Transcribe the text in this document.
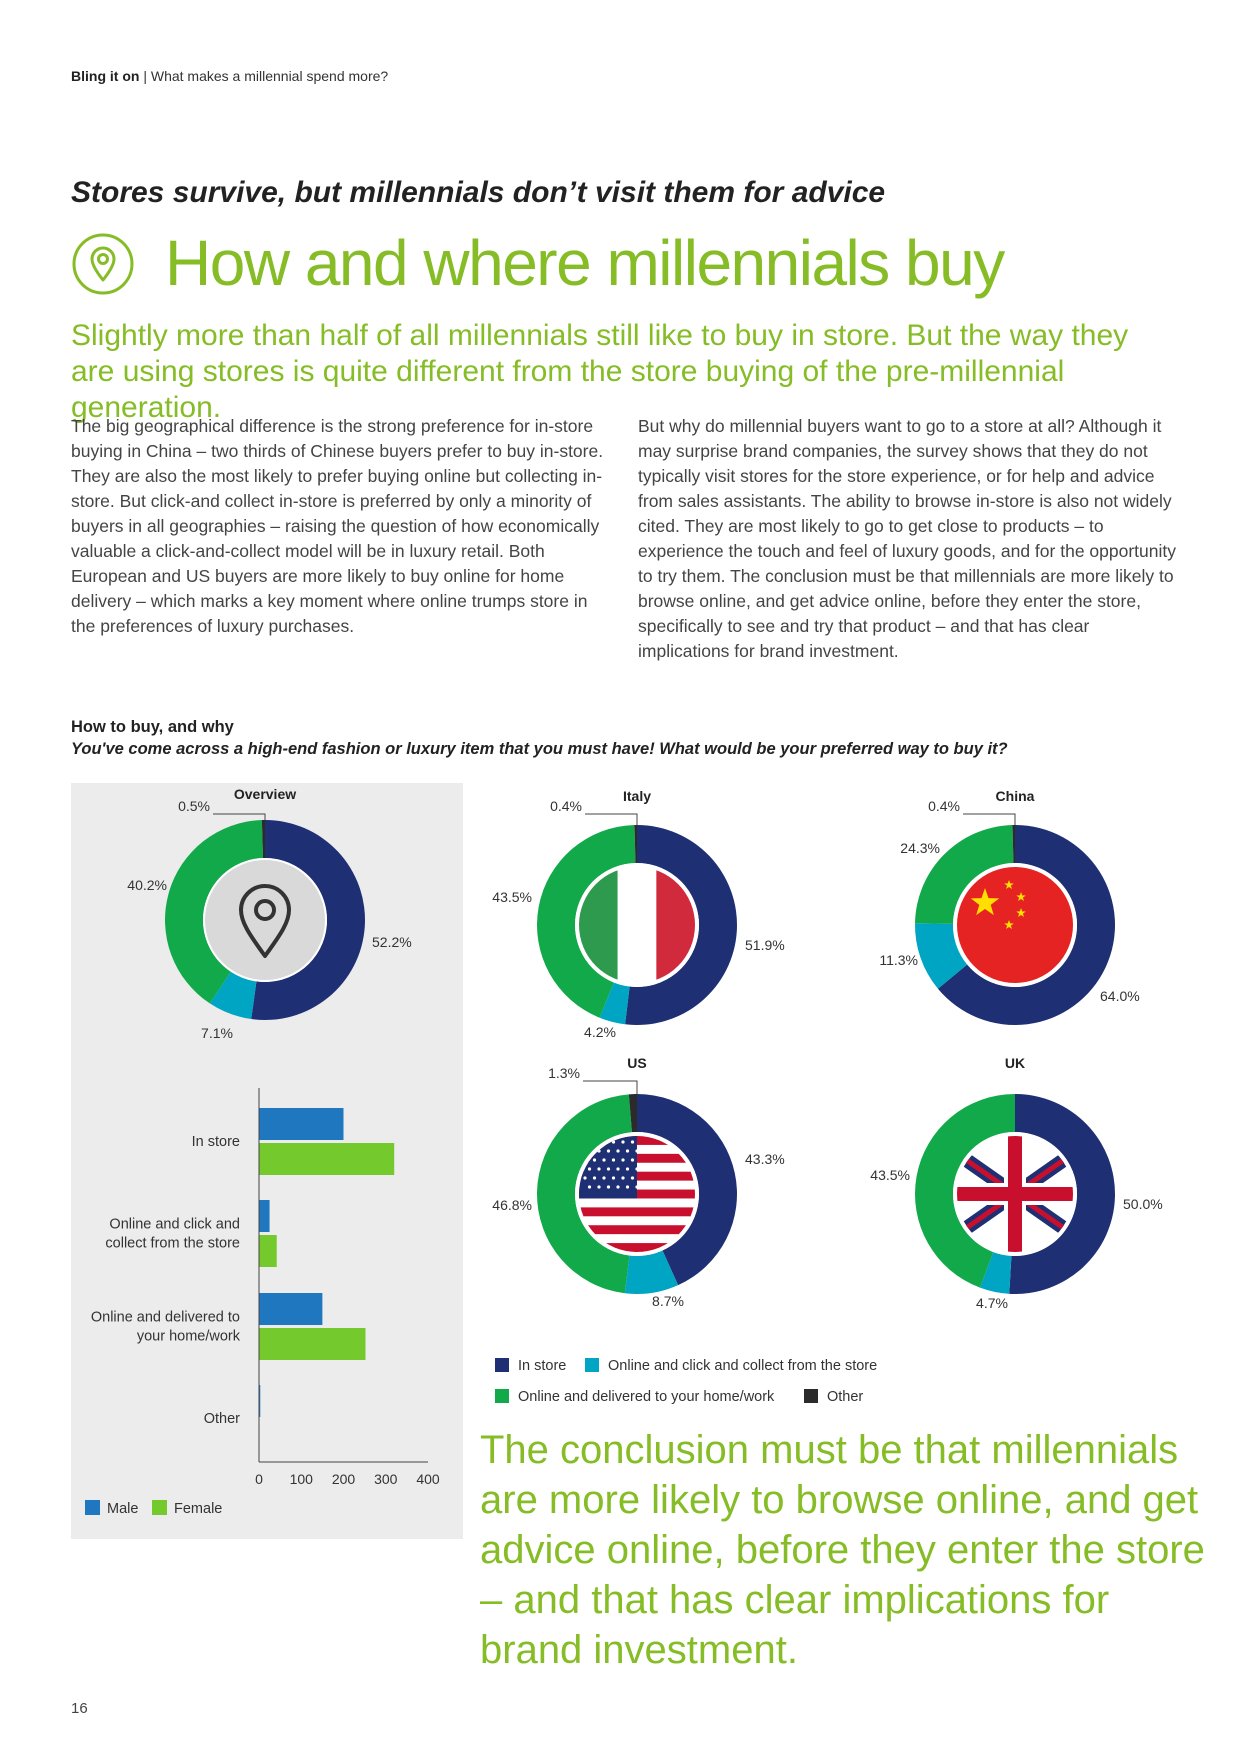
Bling it on | What makes a millennial spend more?
Stores survive, but millennials don’t visit them for advice
How and where millennials buy
Slightly more than half of all millennials still like to buy in store. But the way they are using stores is quite different from the store buying of the pre-millennial generation.
The big geographical difference is the strong preference for in-store buying in China – two thirds of Chinese buyers prefer to buy in-store. They are also the most likely to prefer buying online but collecting in-store. But click-and collect in-store is preferred by only a minority of buyers in all geographies – raising the question of how economically valuable a click-and-collect model will be in luxury retail. Both European and US buyers are more likely to buy online for home delivery – which marks a key moment where online trumps store in the preferences of luxury purchases.
But why do millennial buyers want to go to a store at all? Although it may surprise brand companies, the survey shows that they do not typically visit stores for the store experience, or for help and advice from sales assistants. The ability to browse in-store is also not widely cited. They are most likely to go to get close to products – to experience the touch and feel of luxury goods, and for the opportunity to try them. The conclusion must be that millennials are more likely to browse online, and get advice online, before they enter the store, specifically to see and try that product – and that has clear implications for brand investment.
How to buy, and why
You've come across a high-end fashion or luxury item that you must have! What would be your preferred way to buy it?
Overview
52.2%
7.1%
40.2%
0.5%
Italy
51.9%
4.2%
43.5%
0.4%
China
64.0%
11.3%
24.3%
0.4%
US
43.3%
8.7%
46.8%
1.3%
UK
50.0%
4.7%
43.5%
In store
Online and click and
collect from the store
Online and delivered to
your home/work
Other
0 100 200 300 400
Male Female
In store	Online and click and collect from the store
Online and delivered to your home/work	Other
The conclusion must be that millennials are more likely to browse online, and get advice online, before they enter the store – and that has clear implications for brand investment.
16
